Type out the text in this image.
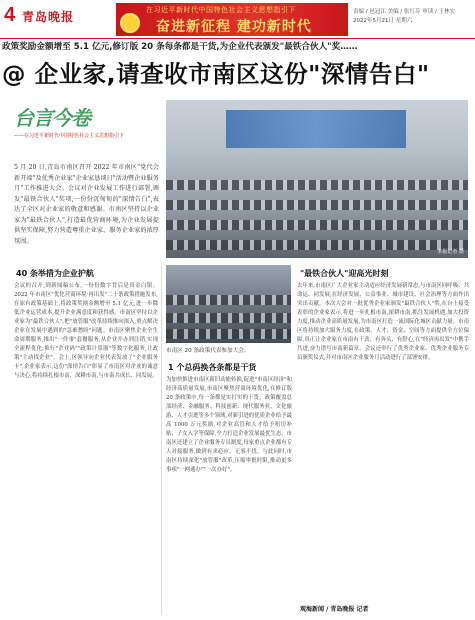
4 青岛晚报	在习近平新时代中国特色社会主义思想指引下
奋进新征程 建功新时代
责编 / 邑冠江 美编 / 张红芬 审读 / 王林宏
2022年5月21日 星期六
政策奖励金额增至 5.1 亿元,修订版 20 条每条都是干货,为企业代表颁发"最铁合伙人"奖……
@ 企业家,请查收市南区这份"深情告白"
台言今卷
——在习近平新时代中国特色社会主义思想指引下
5 月 20 日,青岛市南区召开 2022 年市南区"党代会新开端"及优秀企业家"企业家恳谈日"活动暨企业服务月"工作推进大会。会议对企业发展工作进行部署,颁发"最铁合伙人"奖项,一份份沉甸甸的"深情告白",表达了全区对企业家的敬意和感谢。市南区坚持以企业家为"最铁合伙人",打造最优营商环境,为企业发展提供坚实保障,努力营造尊重企业家、服务企业家的浓厚氛围。
本报记者 摄
市南区 20 条政策代表参加大会。
40 条举措为企业护航
会议的召开,到新闻稿公布,一份份数字背后是真金白银。2022 年市南区"优化营商环境·再出发"二十条政策措施发布,在原有政策基础上,将政策奖励金额增至 5.1 亿元,进一步降低企业运营成本,提升企业满意度和获得感。市南区坚持以企业家为"最铁合伙人",把"放管服"改革持续推向深入,重点解决企业在发展中遇到的"急难愁盼"问题。市南区聚焦企业全生命周期服务,推出"一件事"套餐服务,从企业开办到注销,实现全流程优化;推行"企业码""政策计算器"等数字化服务,让政策"主动找企业"。会上,区领导向企业代表发放了"企业服务卡",企业家表示,这份"深情告白"彰显了市南区对企业的诚意与决心,将持续扎根市南、深耕市南,与市南共成长、同发展。
"最铁合伙人"迎高光时刻
去年来,市南区广大企业家主动适应经济发展新常态,与市南区同呼吸、共命运、同发展,在经济发展、公益事业、城市建设、社会治理等方面作出突出贡献。本次大会对一批优秀企业家颁发"最铁合伙人"奖,在台上接受表彰的企业家表示,将进一步扎根市南,深耕市南,抓住发展机遇,加大投资力度,推动企业高质量发展,为市南区打造一流国际化城区贡献力量。市南区将持续加大服务力度,在政策、人才、资金、空间等方面提供全方位保障,真正让企业家在市南有干劲、有奔头、有舒心,在"经济再出发"中携手共进,奋力谱写市南新篇章。会议还举行了优秀企业家、优秀企业服务专员颁奖仪式,并对市南区企业服务月活动进行了部署安排。
1 个总码换各条都是干货
为加快推进市南区新旧动能转换,促进"市南区经济"和经济高质量发展,市南区聚焦营商环境优化,在修订版 20 条政策中,每一条都是实打实的干货。政策覆盖总部经济、金融服务、科技创新、现代服务业、文化旅游、人才引进等多个领域,对新引进的优质企业给予最高 1000 万元奖励,对企业高管和人才给予租房补贴、子女入学等保障,全力打造企业发展最优生态。市南区还建立了企业服务专员制度,每家重点企业都有专人对接服务,做到有求必应、无事不扰。与此同时,市南区持续深化"放管服"改革,压缩审批时限,推动更多事项"一网通办""一次办好"。
观海新闻 / 青岛晚报 记者
